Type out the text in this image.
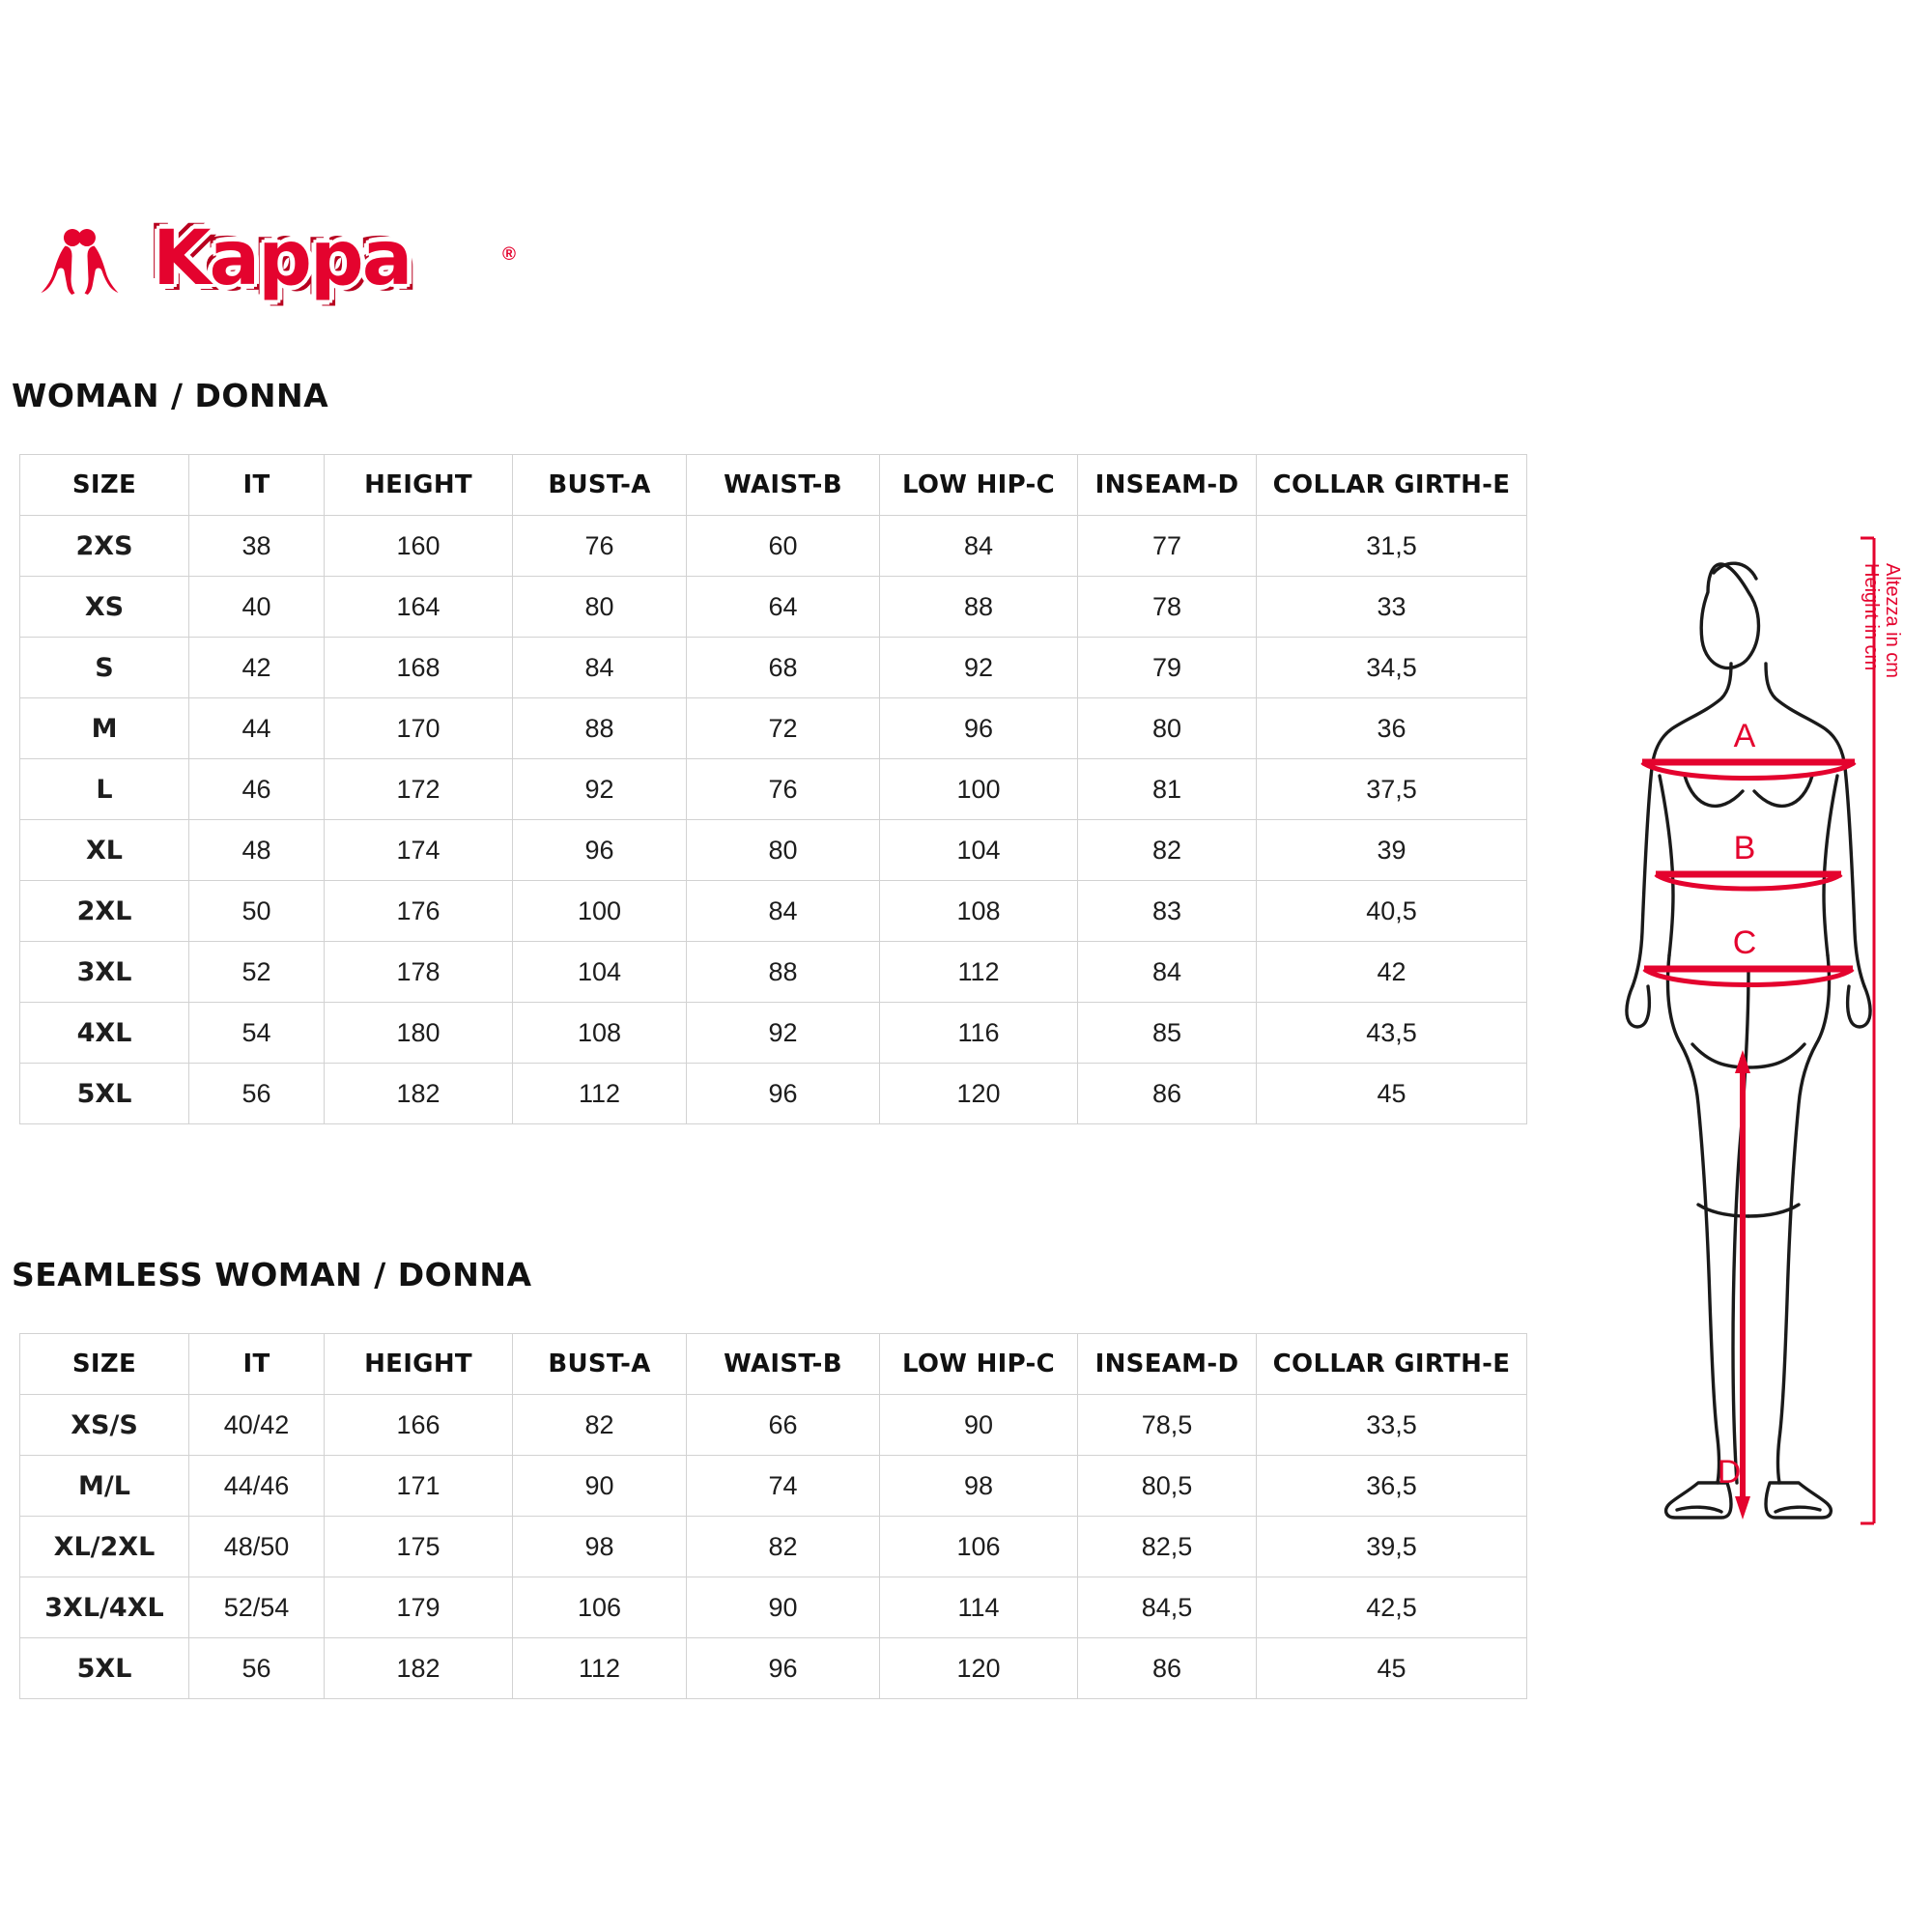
Kappa	®
WOMAN / DONNA
SIZE	IT	HEIGHT	BUST-A	WAIST-B	LOW HIP-C	INSEAM-D	COLLAR GIRTH-E
2XS	38	160	76	60	84	77	31,5
XS	40	164	80	64	88	78	33
S	42	168	84	68	92	79	34,5
M	44	170	88	72	96	80	36
L	46	172	92	76	100	81	37,5
XL	48	174	96	80	104	82	39
2XL	50	176	100	84	108	83	40,5
3XL	52	178	104	88	112	84	42
4XL	54	180	108	92	116	85	43,5
5XL	56	182	112	96	120	86	45
SEAMLESS WOMAN / DONNA
SIZE	IT	HEIGHT	BUST-A	WAIST-B	LOW HIP-C	INSEAM-D	COLLAR GIRTH-E
XS/S	40/42	166	82	66	90	78,5	33,5
M/L	44/46	171	90	74	98	80,5	36,5
XL/2XL	48/50	175	98	82	106	82,5	39,5
3XL/4XL	52/54	179	106	90	114	84,5	42,5
5XL	56	182	112	96	120	86	45
A
B
C
D
Height in cm Altezza in cm
